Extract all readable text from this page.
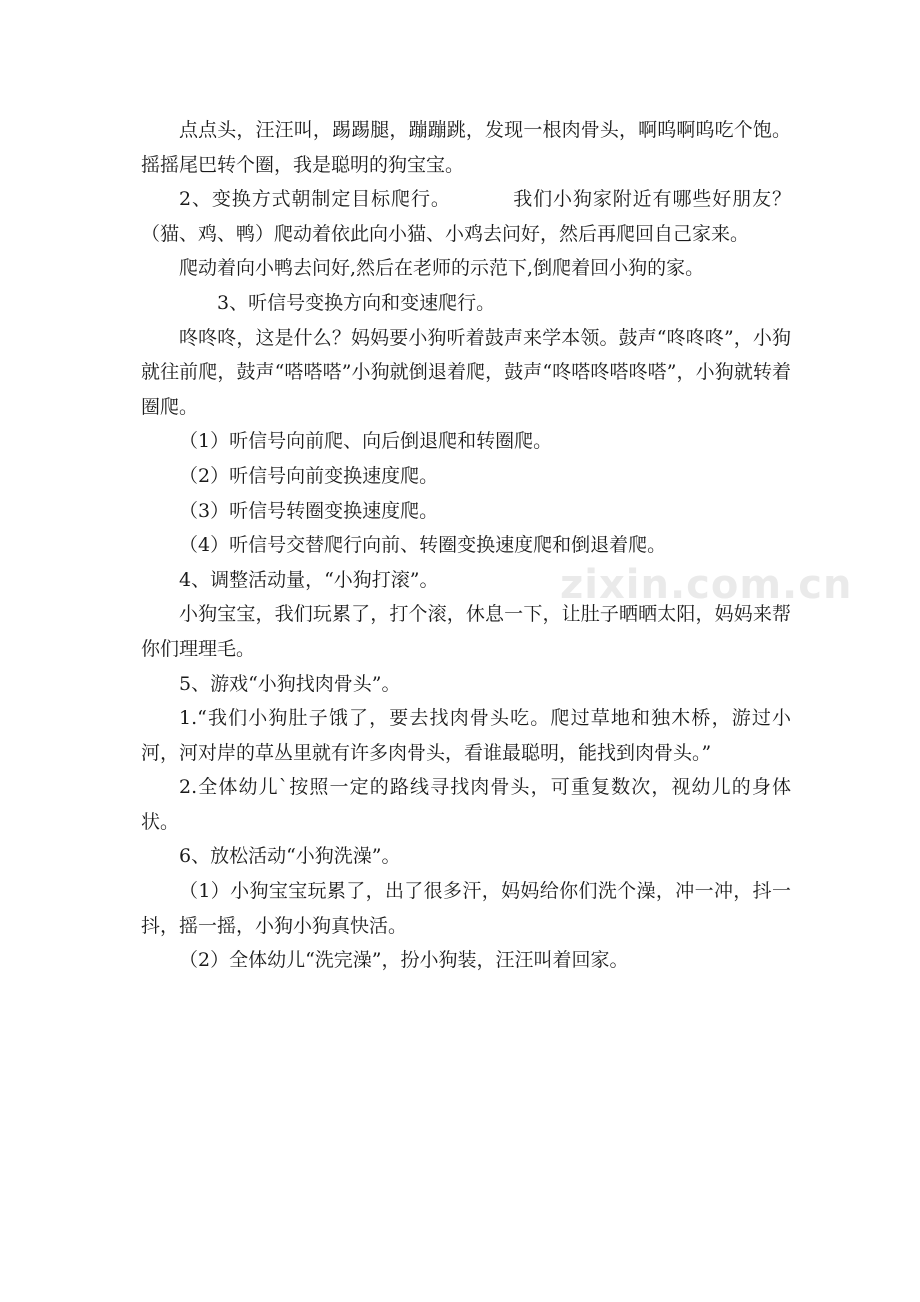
点点头，汪汪叫，踢踢腿，蹦蹦跳，发现一根肉骨头，啊呜啊呜吃个饱。         摇摇尾巴转个圈，我是聪明的狗宝宝。

2、变换方式朝制定目标爬行。         我们小狗家附近有哪些好朋友？（猫、鸡、鸭）爬动着依此向小猫、小鸡去问好，然后再爬回自己家来。

爬动着向小鸭去问好,然后在老师的示范下,倒爬着回小狗的家。

3、听信号变换方向和变速爬行。

咚咚咚，这是什么？妈妈要小狗听着鼓声来学本领。鼓声“咚咚咚”，小狗就往前爬，鼓声“嗒嗒嗒”小狗就倒退着爬，鼓声“咚嗒咚嗒咚嗒”，小狗就转着圈爬。

（1）听信号向前爬、向后倒退爬和转圈爬。

（2）听信号向前变换速度爬。

（3）听信号转圈变换速度爬。

（4）听信号交替爬行向前、转圈变换速度爬和倒退着爬。

4、调整活动量，“小狗打滚”。

小狗宝宝，我们玩累了，打个滚，休息一下，让肚子晒晒太阳，妈妈来帮你们理理毛。

5、游戏“小狗找肉骨头”。

1.“我们小狗肚子饿了，要去找肉骨头吃。爬过草地和独木桥，游过小河，河对岸的草丛里就有许多肉骨头，看谁最聪明，能找到肉骨头。”

2.全体幼儿`按照一定的路线寻找肉骨头，可重复数次，视幼儿的身体状。

6、放松活动“小狗洗澡”。

（1）小狗宝宝玩累了，出了很多汗，妈妈给你们洗个澡，冲一冲，抖一抖，摇一摇，小狗小狗真快活。

（2）全体幼儿“洗完澡”，扮小狗装，汪汪叫着回家。

zixin.com.cn
